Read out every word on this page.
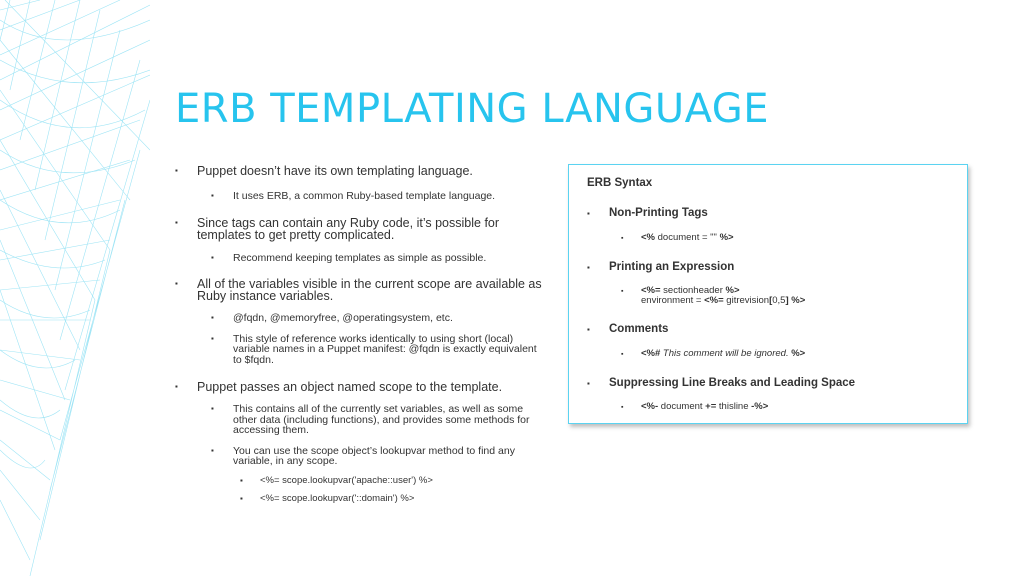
ERB TEMPLATING LANGUAGE
▪ Puppet doesn’t have its own templating language.
▪ It uses ERB, a common Ruby-based template language.
▪ Since tags can contain any Ruby code, it’s possible for templates to get pretty complicated.
▪ Recommend keeping templates as simple as possible.
▪ All of the variables visible in the current scope are available as Ruby instance variables.
▪ @fqdn, @memoryfree, @operatingsystem, etc.
▪ This style of reference works identically to using short (local) variable names in a Puppet manifest: @fqdn is exactly equivalent to $fqdn.
▪ Puppet passes an object named scope to the template.
▪ This contains all of the currently set variables, as well as some other data (including functions), and provides some methods for accessing them.
▪ You can use the scope object’s lookupvar method to find any variable, in any scope.
▪ <%= scope.lookupvar('apache::user') %>
▪ <%= scope.lookupvar('::domain') %>
ERB Syntax
▪ Non-Printing Tags
▪ <% document = "" %>
▪ Printing an Expression
▪ <%= sectionheader %>
environment = <%= gitrevision[0,5] %>
▪ Comments
▪ <%# This comment will be ignored. %>
▪ Suppressing Line Breaks and Leading Space
▪ <%- document += thisline -%>
